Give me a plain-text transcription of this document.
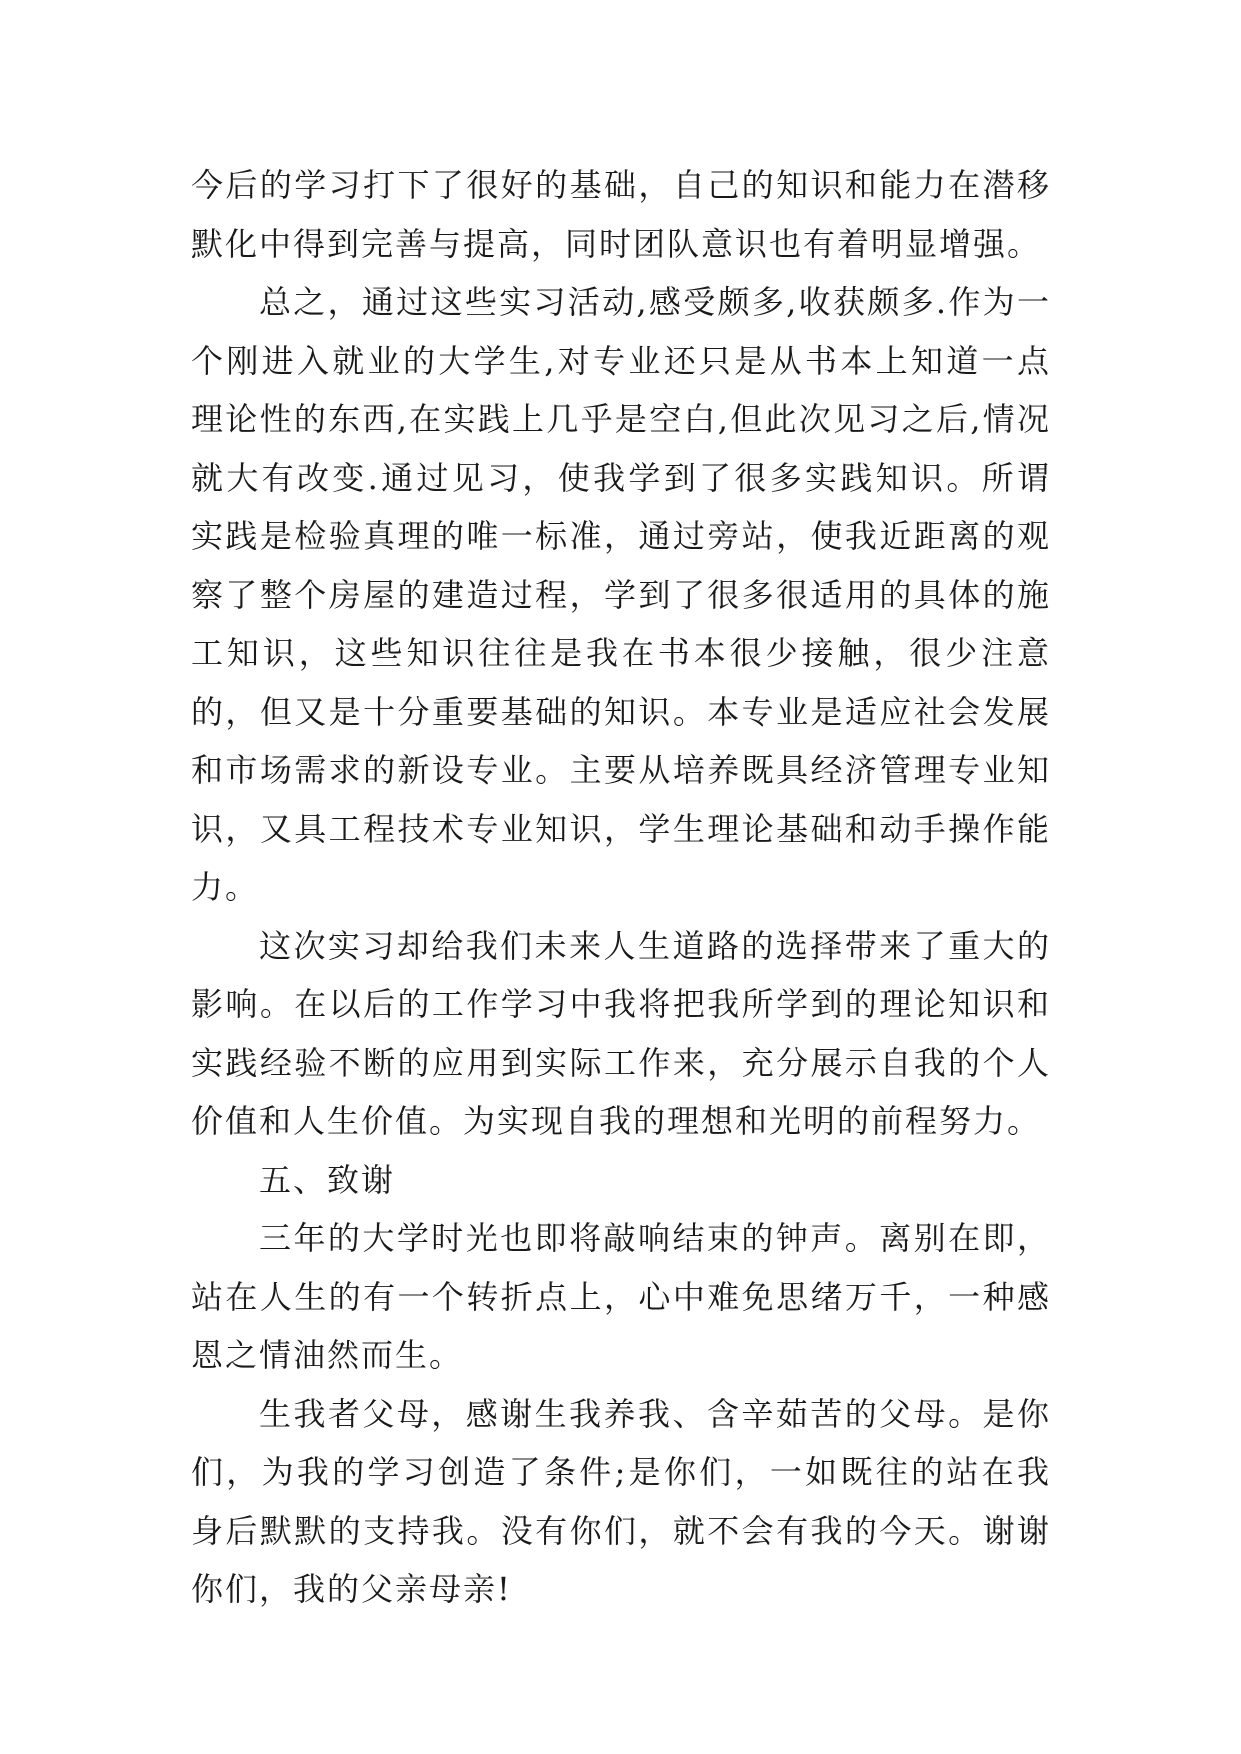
今后的学习打下了很好的基础，自己的知识和能力在潜移默化中得到完善与提高，同时团队意识也有着明显增强。

总之，通过这些实习活动,感受颇多,收获颇多.作为一个刚进入就业的大学生,对专业还只是从书本上知道一点理论性的东西,在实践上几乎是空白,但此次见习之后,情况就大有改变.通过见习，使我学到了很多实践知识。所谓实践是检验真理的唯一标准，通过旁站，使我近距离的观察了整个房屋的建造过程，学到了很多很适用的具体的施工知识，这些知识往往是我在书本很少接触，很少注意的，但又是十分重要基础的知识。本专业是适应社会发展和市场需求的新设专业。主要从培养既具经济管理专业知识，又具工程技术专业知识，学生理论基础和动手操作能力。

这次实习却给我们未来人生道路的选择带来了重大的影响。在以后的工作学习中我将把我所学到的理论知识和实践经验不断的应用到实际工作来，充分展示自我的个人价值和人生价值。为实现自我的理想和光明的前程努力。

五、致谢

三年的大学时光也即将敲响结束的钟声。离别在即，站在人生的有一个转折点上，心中难免思绪万千，一种感恩之情油然而生。

生我者父母，感谢生我养我、含辛茹苦的父母。是你们，为我的学习创造了条件;是你们，一如既往的站在我身后默默的支持我。没有你们，就不会有我的今天。谢谢你们，我的父亲母亲!
